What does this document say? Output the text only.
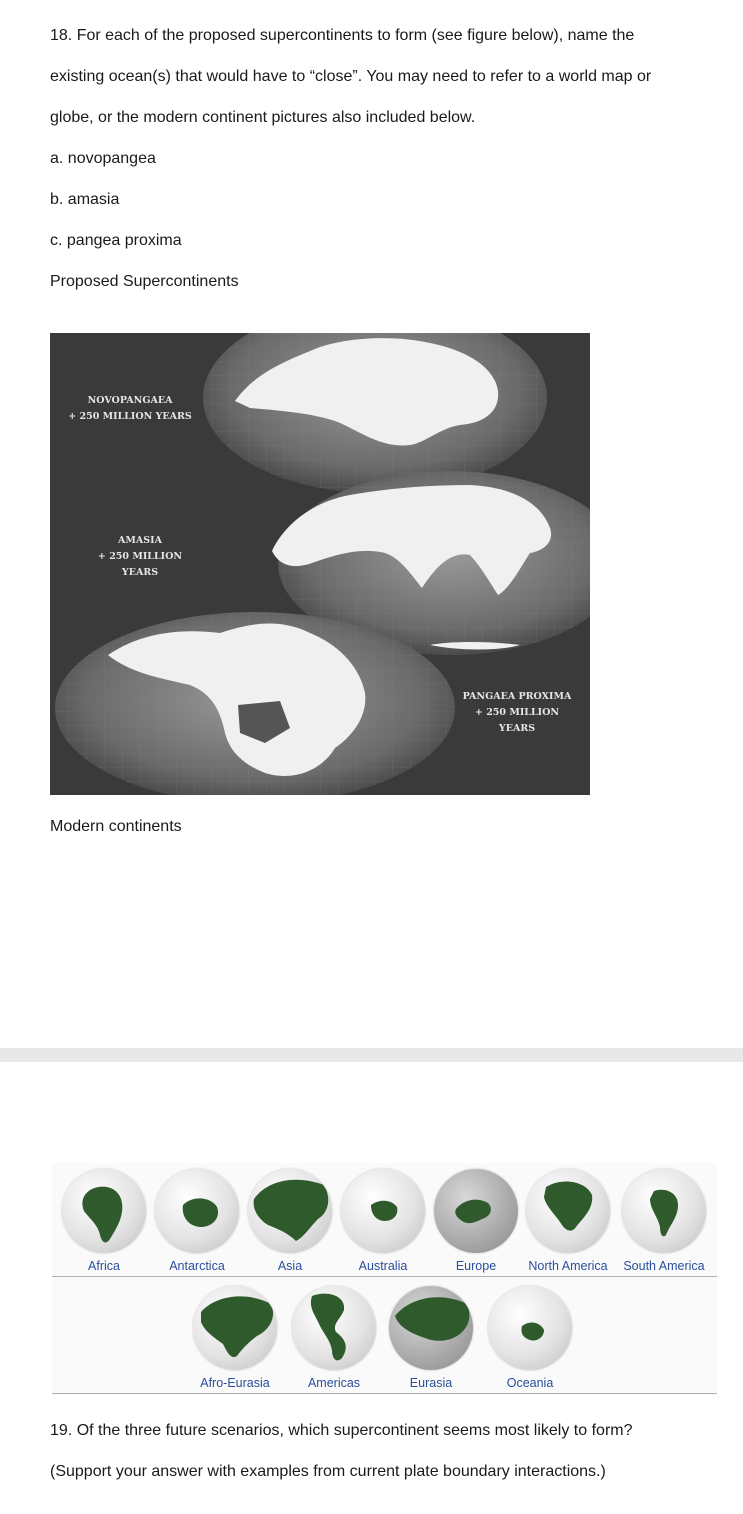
18. For each of the proposed supercontinents to form (see figure below), name the
existing ocean(s) that would have to “close”. You may need to refer to a world map or
globe, or the modern continent pictures also included below.
a. novopangea
b. amasia
c. pangea proxima
Proposed Supercontinents
NOVOPANGAEA
+ 250 MILLION YEARS
AMASIA
+ 250 MILLION YEARS
PANGAEA PROXIMA
+ 250 MILLION YEARS
Modern continents
Africa	Antarctica	Asia	Australia	Europe	North America	South America
Afro-Eurasia	Americas	Eurasia	Oceania
19. Of the three future scenarios, which supercontinent seems most likely to form?
(Support your answer with examples from current plate boundary interactions.)
